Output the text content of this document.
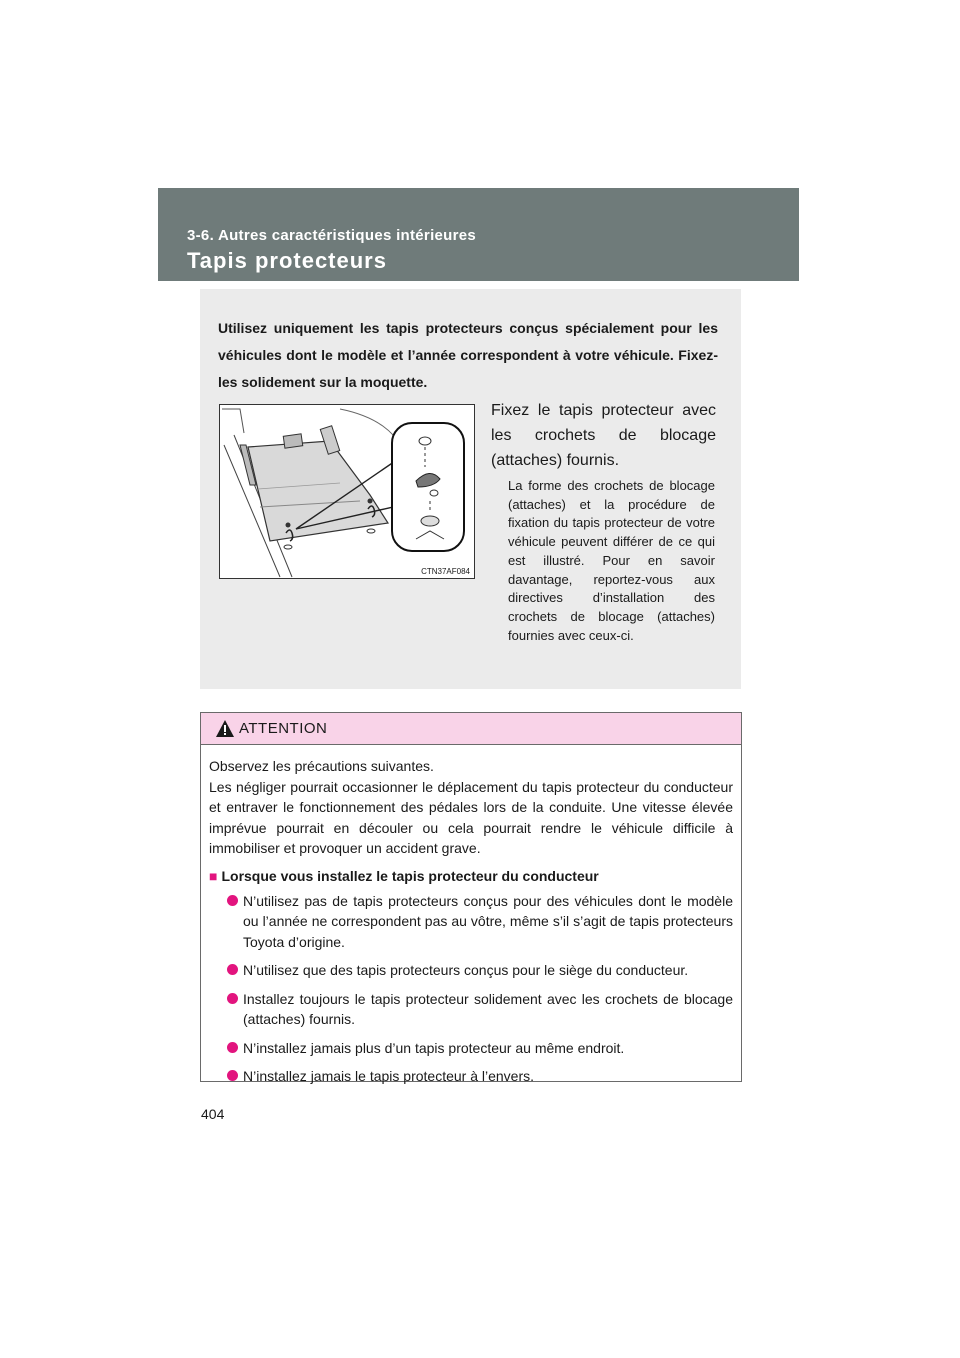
3-6. Autres caractéristiques intérieures

Tapis protecteurs

Utilisez uniquement les tapis protecteurs conçus spécialement pour les véhicules dont le modèle et l’année correspondent à votre véhicule. Fixez-les solidement sur la moquette.

CTN37AF084

Fixez le tapis protecteur avec les crochets de blocage (attaches) fournis.

La forme des crochets de blocage (attaches) et la procédure de fixation du tapis protecteur de votre véhicule peuvent différer de ce qui est illustré. Pour en savoir davantage, reportez-vous aux directives d’installation des crochets de blocage (attaches) fournies avec ceux-ci.

ATTENTION

Observez les précautions suivantes.

Les négliger pourrait occasionner le déplacement du tapis protecteur du conducteur et entraver le fonctionnement des pédales lors de la conduite. Une vitesse élevée imprévue pourrait en découler ou cela pourrait rendre le véhicule difficile à immobiliser et provoquer un accident grave.

■ Lorsque vous installez le tapis protecteur du conducteur

N’utilisez pas de tapis protecteurs conçus pour des véhicules dont le modèle ou l’année ne correspondent pas au vôtre, même s’il s’agit de tapis protecteurs Toyota d’origine.
N’utilisez que des tapis protecteurs conçus pour le siège du conducteur.
Installez toujours le tapis protecteur solidement avec les crochets de blocage (attaches) fournis.
N’installez jamais plus d’un tapis protecteur au même endroit.
N’installez jamais le tapis protecteur à l’envers.

404
